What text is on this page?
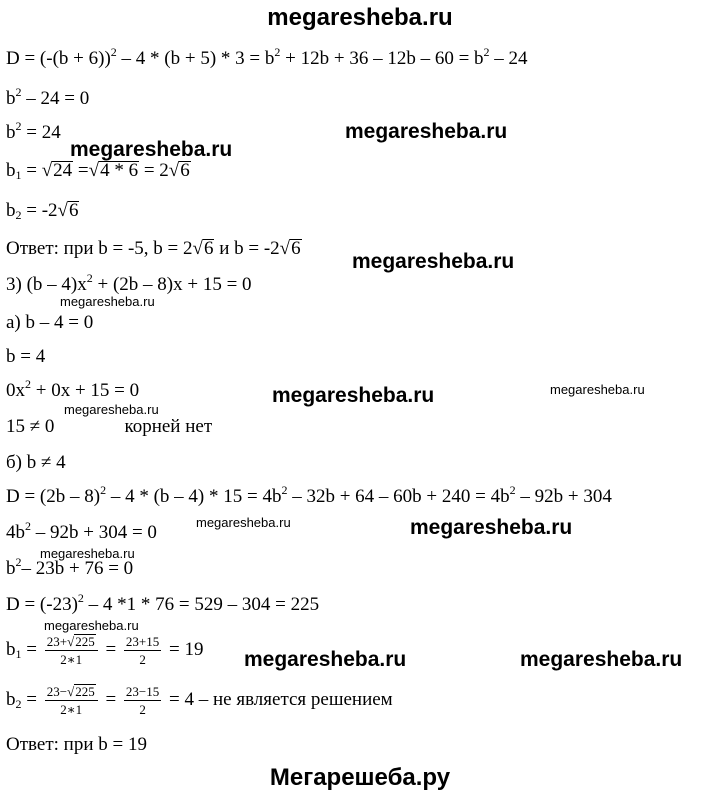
megaresheba.ru
$D = (-(b + 6))^2 - 4 * (b + 5) * 3 = b^2 + 12b + 36 - 12b - 60 = b^2 - 24$
$b^2 - 24 = 0$
$b^2 = 24$
$b_1 = √24 =√4 * 6 = 2√6$
$b_2 = -2√6$
Ответ: при b = -5, b = 2√6 и b = -2√6
3) $(b - 4)x^2 + (2b - 8)x + 15 = 0$
а) b – 4 = 0
b = 4
$0x^2 + 0x + 15 = 0$
15 ≠ 0	корней нет
б) b ≠ 4
$D = (2b - 8)^2 - 4 * (b - 4) * 15 = 4b^2 - 32b + 64 - 60b + 240 = 4b^2 - 92b + 304$
$4b^2 - 92b + 304 = 0$
$b^2-$ 23b + 76 = 0
$D = (-23)^2 - 4$ *1 * 76 = 529 – 304 = 225
$b_1 = \frac{23+√225}{2∗1} = \frac{23+15}{2} = 19$
$b_2 = \frac{23-√225}{2∗1} = \frac{23-15}{2} = 4$ – не является решением
Ответ: при b = 19
megaresheba.ru
megaresheba.ru
megaresheba.ru
megaresheba.ru
megaresheba.ru	megaresheba.ru
megaresheba.ru
megaresheba.ru	megaresheba.ru
megaresheba.ru
megaresheba.ru
megaresheba.ru	megaresheba.ru
Мегарешеба.ру
